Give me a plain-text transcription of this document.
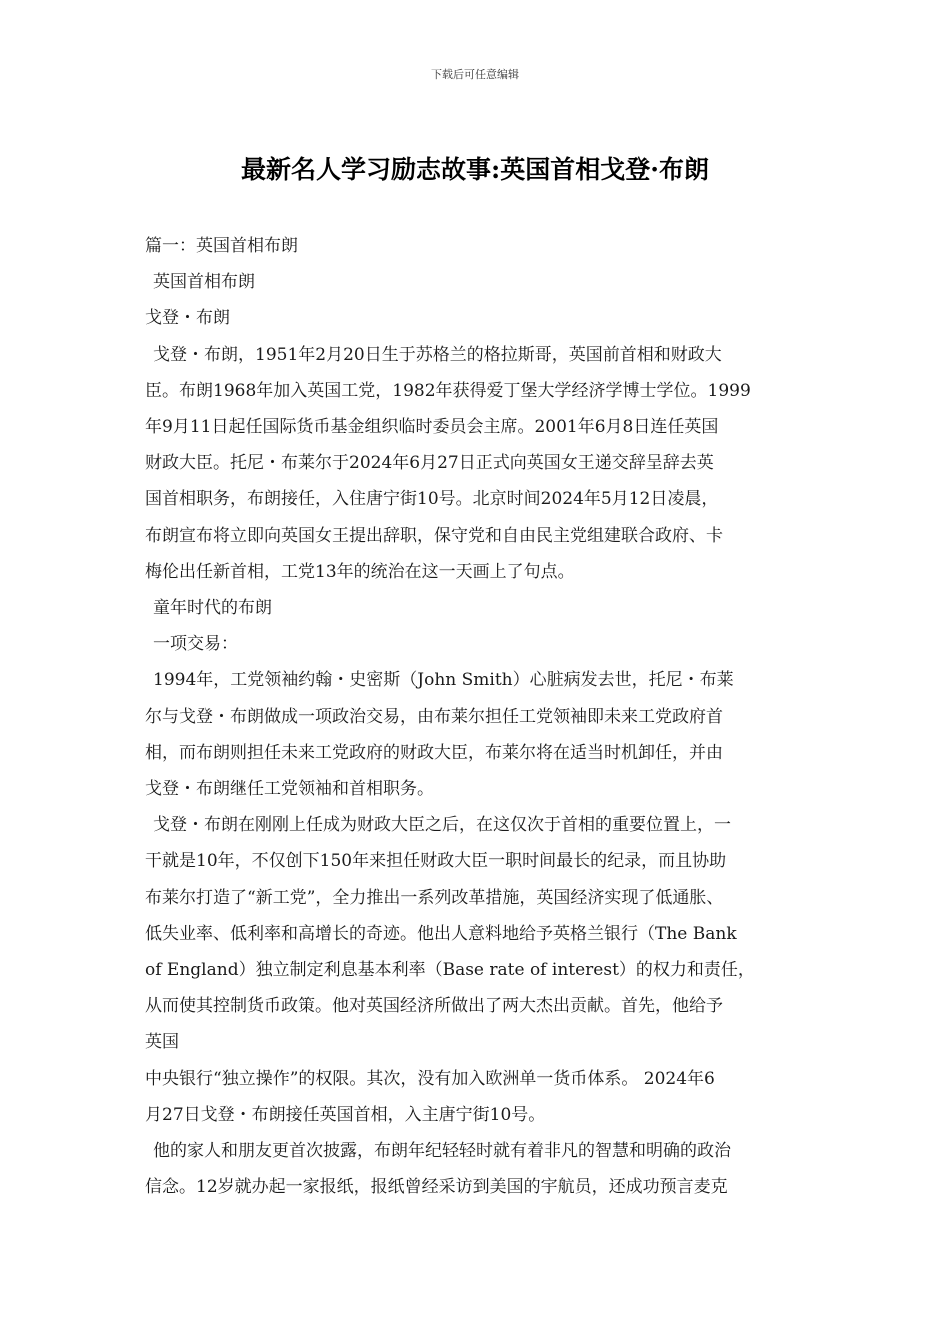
下载后可任意编辑
最新名人学习励志故事:英国首相戈登·布朗
篇一：英国首相布朗
英国首相布朗
戈登・布朗
戈登・布朗，1951年2月20日生于苏格兰的格拉斯哥，英国前首相和财政大
臣。布朗1968年加入英国工党，1982年获得爱丁堡大学经济学博士学位。1999
年9月11日起任国际货币基金组织临时委员会主席。2001年6月8日连任英国
财政大臣。托尼・布莱尔于2024年6月27日正式向英国女王递交辞呈辞去英
国首相职务，布朗接任，入住唐宁街10号。北京时间2024年5月12日凌晨，
布朗宣布将立即向英国女王提出辞职，保守党和自由民主党组建联合政府、卡
梅伦出任新首相，工党13年的统治在这一天画上了句点。
童年时代的布朗
一项交易：
1994年，工党领袖约翰・史密斯（John Smith）心脏病发去世，托尼・布莱
尔与戈登・布朗做成一项政治交易，由布莱尔担任工党领袖即未来工党政府首
相，而布朗则担任未来工党政府的财政大臣，布莱尔将在适当时机卸任，并由
戈登・布朗继任工党领袖和首相职务。
戈登・布朗在刚刚上任成为财政大臣之后，在这仅次于首相的重要位置上，一
干就是10年，不仅创下150年来担任财政大臣一职时间最长的纪录，而且协助
布莱尔打造了“新工党”，全力推出一系列改革措施，英国经济实现了低通胀、
低失业率、低利率和高增长的奇迹。他出人意料地给予英格兰银行（The Bank
of England）独立制定利息基本利率（Base rate of interest）的权力和责任，
从而使其控制货币政策。他对英国经济所做出了两大杰出贡献。首先，他给予
英国
中央银行“独立操作”的权限。其次，没有加入欧洲单一货币体系。 2024年6
月27日戈登・布朗接任英国首相，入主唐宁街10号。
他的家人和朋友更首次披露，布朗年纪轻轻时就有着非凡的智慧和明确的政治
信念。12岁就办起一家报纸，报纸曾经采访到美国的宇航员，还成功预言麦克
